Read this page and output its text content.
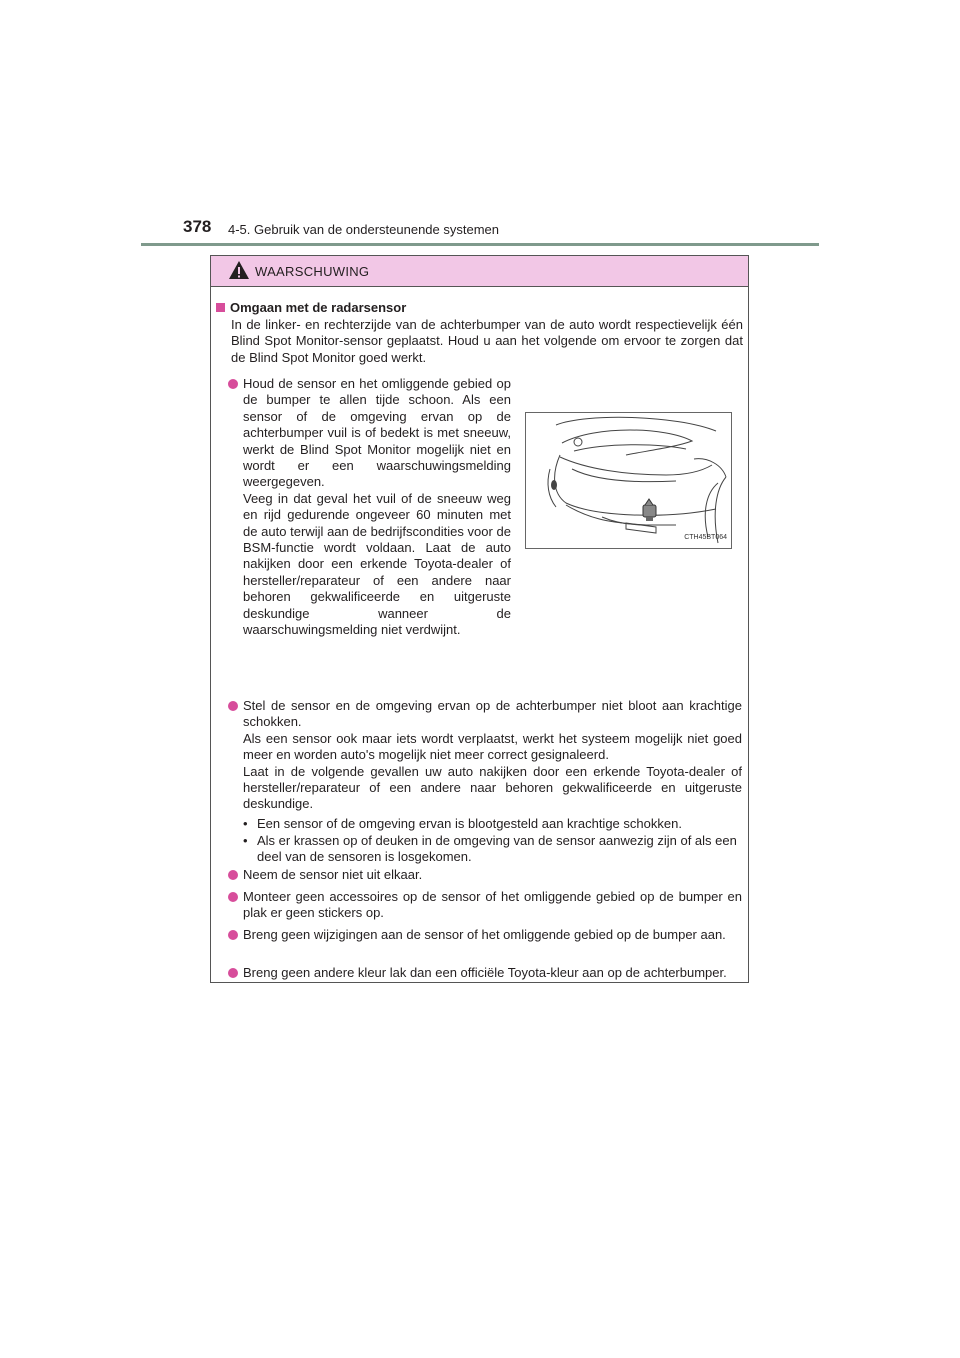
378 4-5. Gebruik van de ondersteunende systemen
WAARSCHUWING
Omgaan met de radarsensor
In de linker- en rechterzijde van de achterbumper van de auto wordt respectievelijk één Blind Spot Monitor-sensor geplaatst. Houd u aan het volgende om ervoor te zorgen dat de Blind Spot Monitor goed werkt.
Houd de sensor en het omliggende gebied op de bumper te allen tijde schoon. Als een sensor of de omgeving ervan op de achterbumper vuil is of bedekt is met sneeuw, werkt de Blind Spot Monitor mogelijk niet en wordt er een waarschuwingsmelding weergegeven.
Veeg in dat geval het vuil of de sneeuw weg en rijd gedurende ongeveer 60 minuten met de auto terwijl aan de bedrijfscondities voor de BSM-functie wordt voldaan. Laat de auto nakijken door een erkende Toyota-dealer of hersteller/reparateur of een andere naar behoren gekwalificeerde en uitgeruste deskundige wanneer de waarschuwingsmelding niet verdwijnt.
CTH45BT064
Stel de sensor en de omgeving ervan op de achterbumper niet bloot aan krachtige schokken.
Als een sensor ook maar iets wordt verplaatst, werkt het systeem mogelijk niet goed meer en worden auto's mogelijk niet meer correct gesignaleerd.
Laat in de volgende gevallen uw auto nakijken door een erkende Toyota-dealer of hersteller/reparateur of een andere naar behoren gekwalificeerde en uitgeruste deskundige.
• Een sensor of de omgeving ervan is blootgesteld aan krachtige schokken.
• Als er krassen op of deuken in de omgeving van de sensor aanwezig zijn of als een deel van de sensoren is losgekomen.
Neem de sensor niet uit elkaar.
Monteer geen accessoires op de sensor of het omliggende gebied op de bumper en plak er geen stickers op.
Breng geen wijzigingen aan de sensor of het omliggende gebied op de bumper aan.
Breng geen andere kleur lak dan een officiële Toyota-kleur aan op de achterbumper.
